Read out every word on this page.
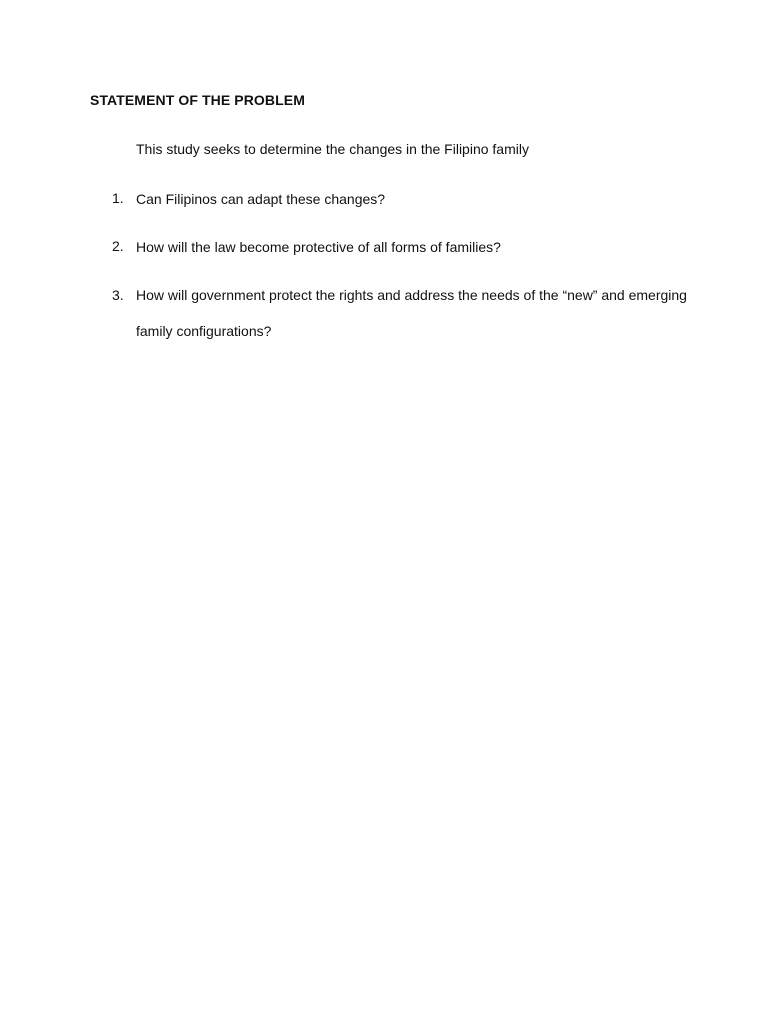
STATEMENT OF THE PROBLEM
This study seeks to determine the changes in the Filipino family
1. Can Filipinos can adapt these changes?
2. How will the law become protective of all forms of families?
3. How will government protect the rights and address the needs of the “new” and emerging family configurations?
